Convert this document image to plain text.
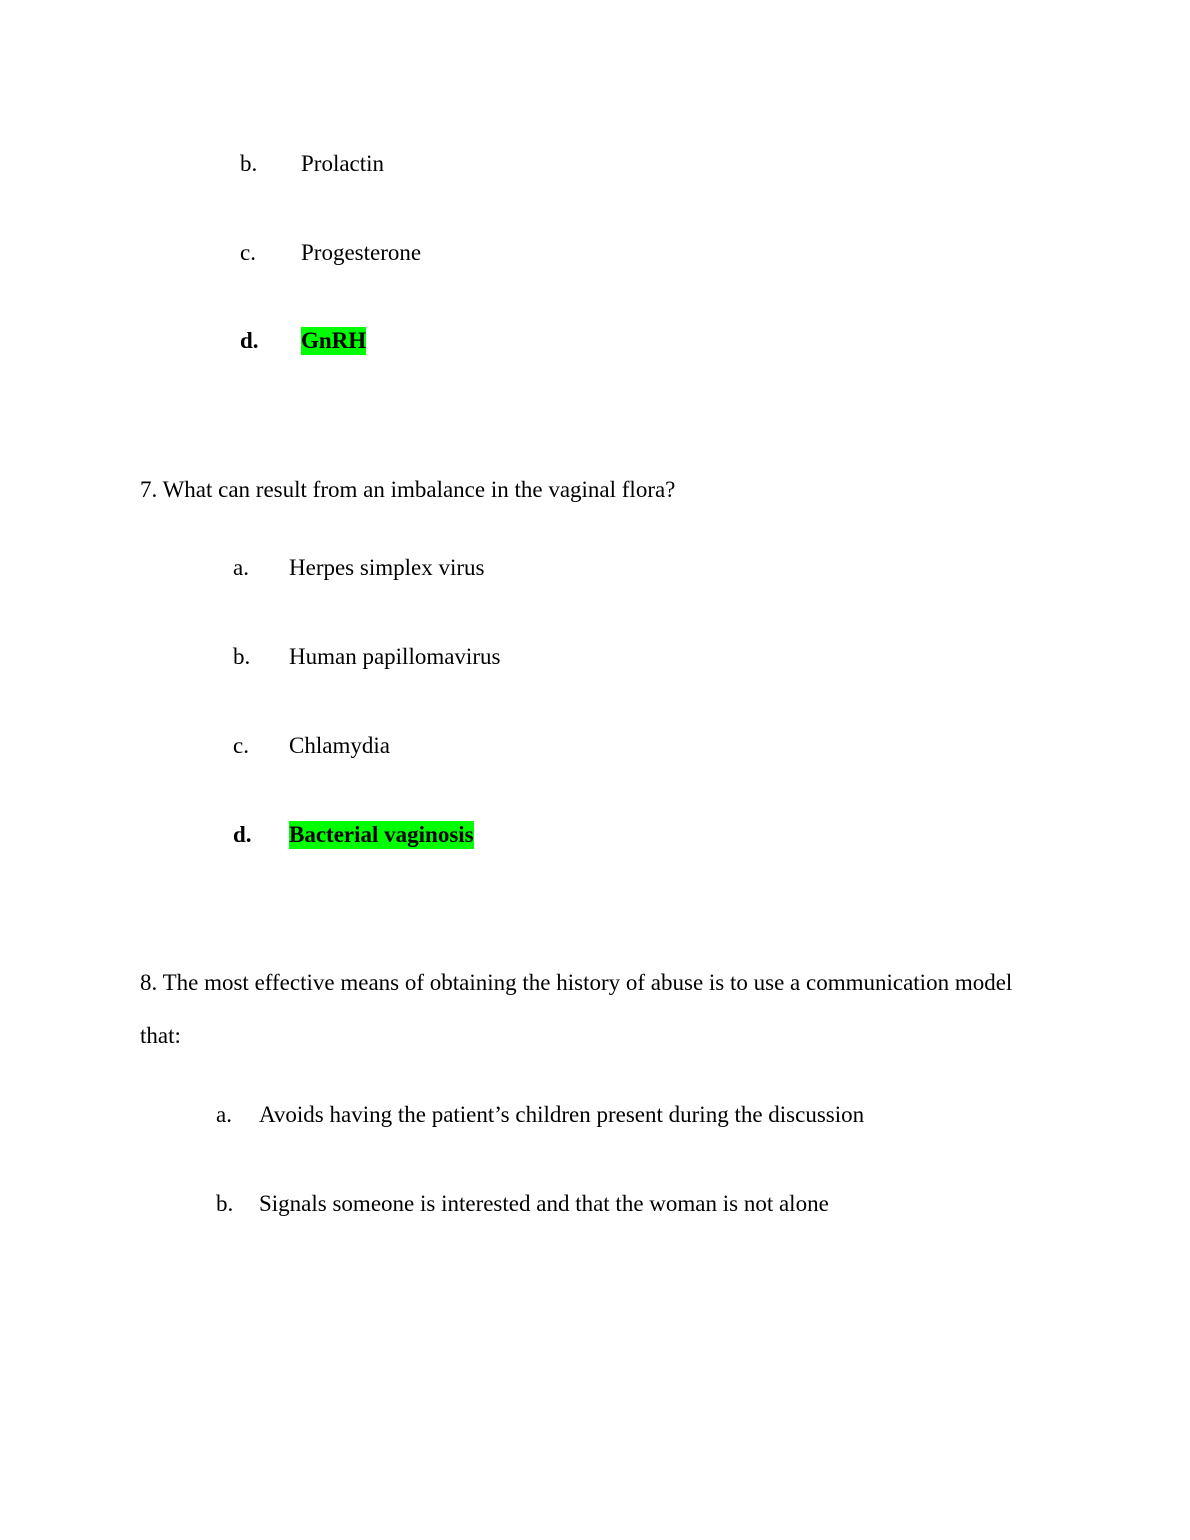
b. Prolactin
c. Progesterone
d. GnRH
7. What can result from an imbalance in the vaginal flora?
a. Herpes simplex virus
b. Human papillomavirus
c. Chlamydia
d. Bacterial vaginosis
8. The most effective means of obtaining the history of abuse is to use a communication model
that:
a. Avoids having the patient’s children present during the discussion
b. Signals someone is interested and that the woman is not alone
